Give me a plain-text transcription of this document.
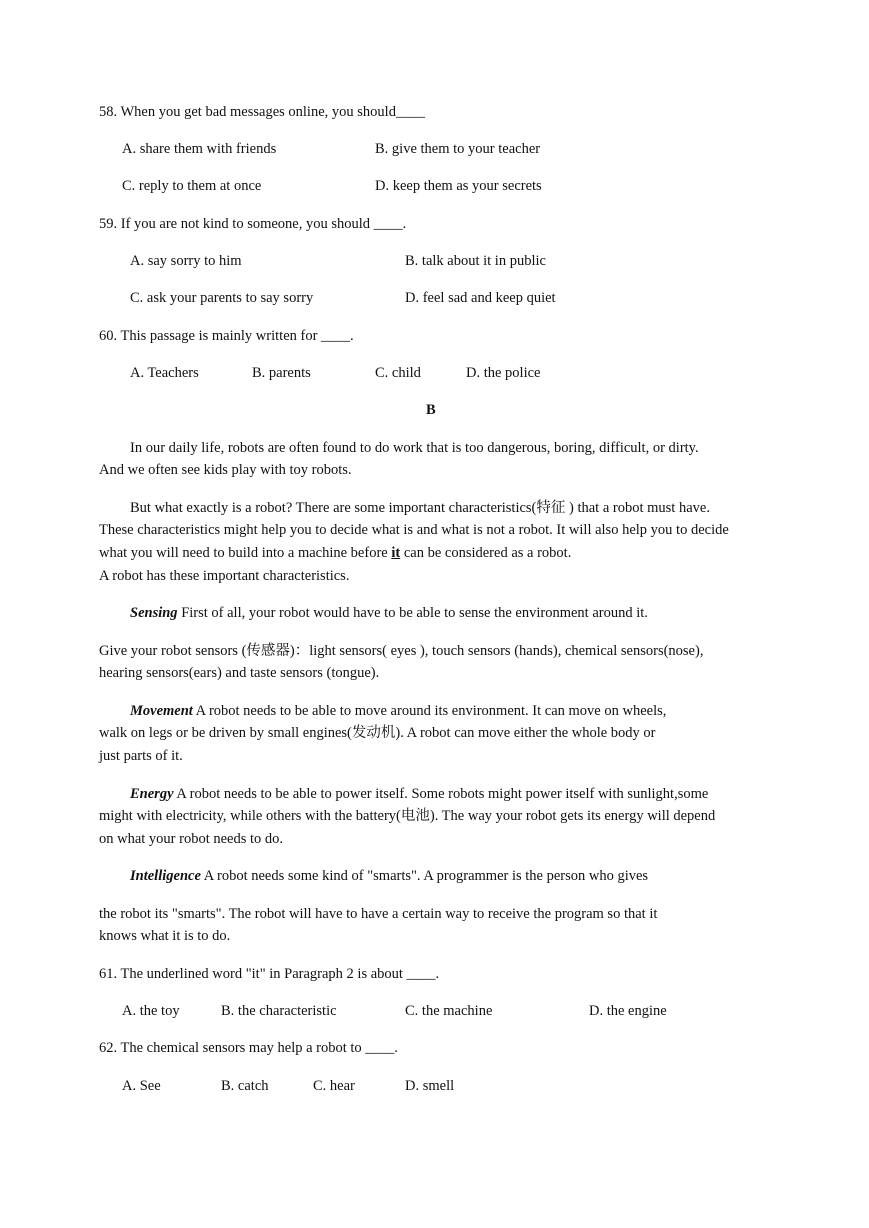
58. When you get bad messages online, you should____
A. share them with friends	B. give them to your teacher
C. reply to them at once	D. keep them as your secrets
59. If you are not kind to someone, you should ____.
A. say sorry to him	B. talk about it in public
C. ask your parents to say sorry	D. feel sad and keep quiet
60. This passage is mainly written for ____.
A. Teachers	B. parents	C. child	D. the police
B
In our daily life, robots are often found to do work that is too dangerous, boring, difficult, or dirty.
And we often see kids play with toy robots.
But what exactly is a robot? There are some important characteristics(特征 ) that a robot must have.
These characteristics might help you to decide what is and what is not a robot. It will also help you to decide
what you will need to build into a machine before it can be considered as a robot.
A robot has these important characteristics.
Sensing First of all, your robot would have to be able to sense the environment around it.
Give your robot sensors (传感器)：light sensors( eyes ), touch sensors (hands), chemical sensors(nose),
hearing sensors(ears) and taste sensors (tongue).
Movement A robot needs to be able to move around its environment. It can move on wheels,
walk on legs or be driven by small engines(发动机). A robot can move either the whole body or
just parts of it.
Energy A robot needs to be able to power itself. Some robots might power itself with sunlight,some
might with electricity, while others with the battery(电池). The way your robot gets its energy will depend
on what your robot needs to do.
Intelligence A robot needs some kind of "smarts". A programmer is the person who gives
the robot its "smarts". The robot will have to have a certain way to receive the program so that it
knows what it is to do.
61. The underlined word "it" in Paragraph 2 is about ____.
A. the toy	B. the characteristic	C. the machine	D. the engine
62. The chemical sensors may help a robot to ____.
A. See	B. catch	C. hear	D. smell
